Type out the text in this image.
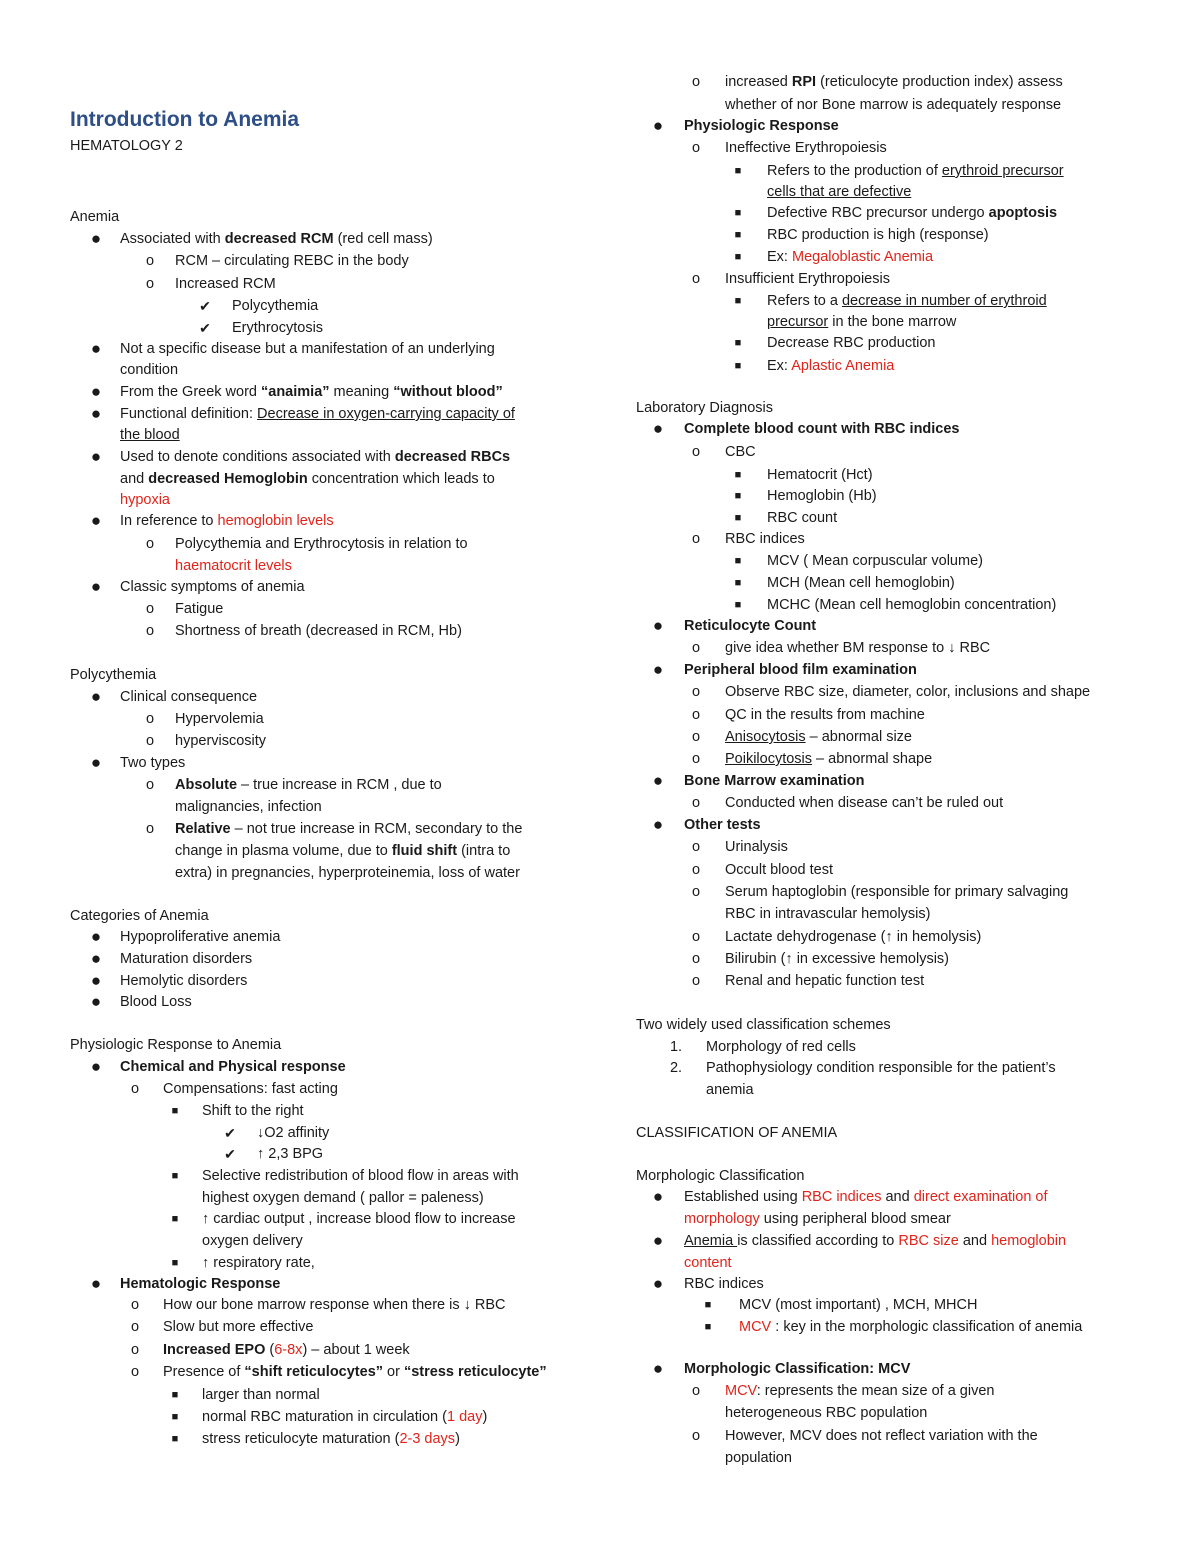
Introduction to Anemia
HEMATOLOGY 2
Anemia
●	Associated with decreased RCM (red cell mass)
o	RCM – circulating REBC in the body
o	Increased RCM
✔ Polycythemia
✔ Erythrocytosis
●	Not a specific disease but a manifestation of an underlying
condition
●	From the Greek word “anaimia” meaning “without blood”
●	Functional definition: Decrease in oxygen-carrying capacity of
the blood
●	Used to denote conditions associated with decreased RBCs
and decreased Hemoglobin concentration which leads to
hypoxia
●	In reference to hemoglobin levels
o	Polycythemia and Erythrocytosis in relation to
haematocrit levels
●	Classic symptoms of anemia
o	Fatigue
o	Shortness of breath (decreased in RCM, Hb)
Polycythemia
●	Clinical consequence
o	Hypervolemia
o	hyperviscosity
●	Two types
o	Absolute – true increase in RCM , due to
malignancies, infection
o	Relative – not true increase in RCM, secondary to the
change in plasma volume, due to fluid shift (intra to
extra) in pregnancies, hyperproteinemia, loss of water
Categories of Anemia
●	Hypoproliferative anemia
●	Maturation disorders
●	Hemolytic disorders
●	Blood Loss
Physiologic Response to Anemia
●	Chemical and Physical response
o	Compensations: fast acting
■	Shift to the right
✔ ↓O2 affinity
✔ ↑ 2,3 BPG
■	Selective redistribution of blood flow in areas with
highest oxygen demand ( pallor = paleness)
■	↑ cardiac output , increase blood flow to increase
oxygen delivery
■	↑ respiratory rate,
●	Hematologic Response
o	How our bone marrow response when there is ↓ RBC
o	Slow but more effective
o	Increased EPO (6-8x) – about 1 week
o	Presence of “shift reticulocytes” or “stress reticulocyte”
■	larger than normal
■	normal RBC maturation in circulation (1 day)
■	stress reticulocyte maturation (2-3 days)
o	increased RPI (reticulocyte production index) assess
whether of nor Bone marrow is adequately response
●	Physiologic Response
o	Ineffective Erythropoiesis
■	Refers to the production of erythroid precursor
cells that are defective
■	Defective RBC precursor undergo apoptosis
■	RBC production is high (response)
■	Ex: Megaloblastic Anemia
o	Insufficient Erythropoiesis
■	Refers to a decrease in number of erythroid
precursor in the bone marrow
■	Decrease RBC production
■	Ex: Aplastic Anemia
Laboratory Diagnosis
●	Complete blood count with RBC indices
o	CBC
■	Hematocrit (Hct)
■	Hemoglobin (Hb)
■	RBC count
o	RBC indices
■	MCV ( Mean corpuscular volume)
■	MCH (Mean cell hemoglobin)
■	MCHC (Mean cell hemoglobin concentration)
●	Reticulocyte Count
o	give idea whether BM response to ↓ RBC
●	Peripheral blood film examination
o	Observe RBC size, diameter, color, inclusions and shape
o	QC in the results from machine
o	Anisocytosis – abnormal size
o	Poikilocytosis – abnormal shape
●	Bone Marrow examination
o	Conducted when disease can’t be ruled out
●	Other tests
o	Urinalysis
o	Occult blood test
o	Serum haptoglobin (responsible for primary salvaging
RBC in intravascular hemolysis)
o	Lactate dehydrogenase (↑ in hemolysis)
o	Bilirubin (↑ in excessive hemolysis)
o	Renal and hepatic function test
Two widely used classification schemes
1. Morphology of red cells
2. Pathophysiology condition responsible for the patient’s
anemia
CLASSIFICATION OF ANEMIA
Morphologic Classification
●	Established using RBC indices and direct examination of
morphology using peripheral blood smear
●	Anemia is classified according to RBC size and hemoglobin
content
●	RBC indices
■	MCV (most important) , MCH, MHCH
■	MCV : key in the morphologic classification of anemia
●	Morphologic Classification: MCV
o	MCV: represents the mean size of a given
heterogeneous RBC population
o	However, MCV does not reflect variation with the
population
